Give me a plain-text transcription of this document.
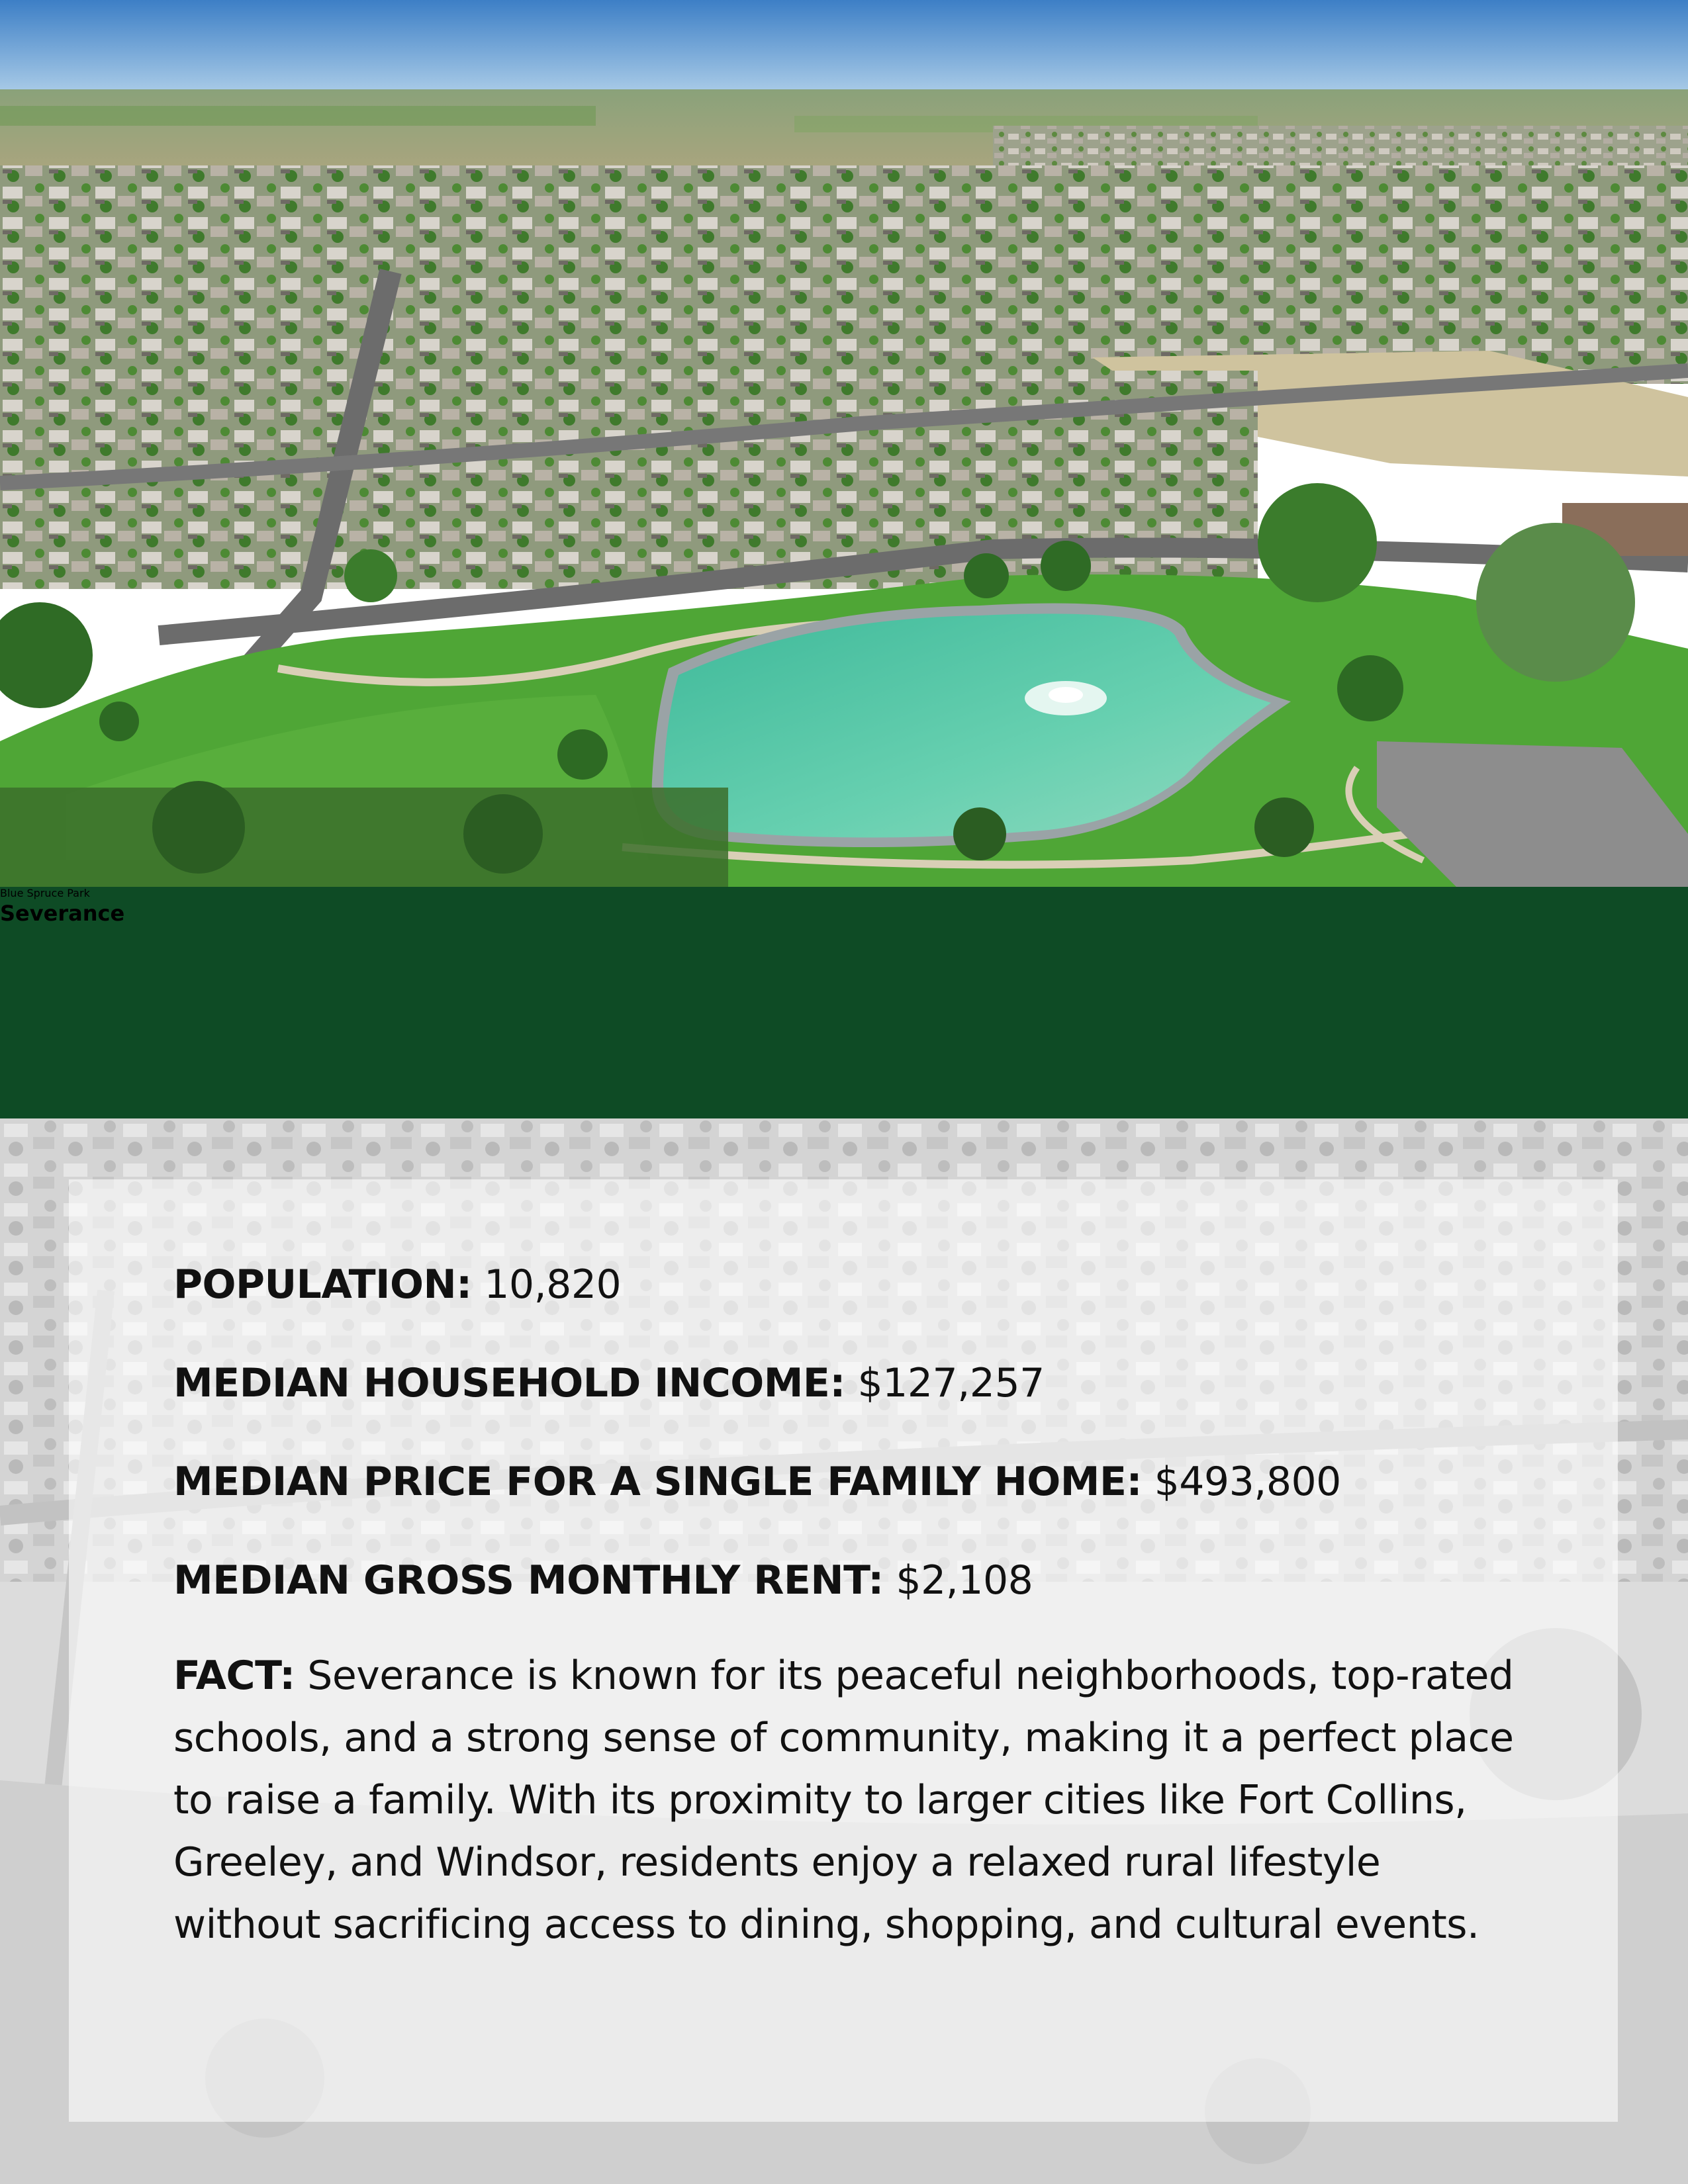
Severance
Blue Spruce Park

POPULATION: 10,820

MEDIAN HOUSEHOLD INCOME: $127,257

MEDIAN PRICE FOR A SINGLE FAMILY HOME: $493,800

MEDIAN GROSS MONTHLY RENT: $2,108

FACT: Severance is known for its peaceful neighborhoods, top-rated schools, and a strong sense of community, making it a perfect place to raise a family. With its proximity to larger cities like Fort Collins, Greeley, and Windsor, residents enjoy a relaxed rural lifestyle without sacrificing access to dining, shopping, and cultural events.
